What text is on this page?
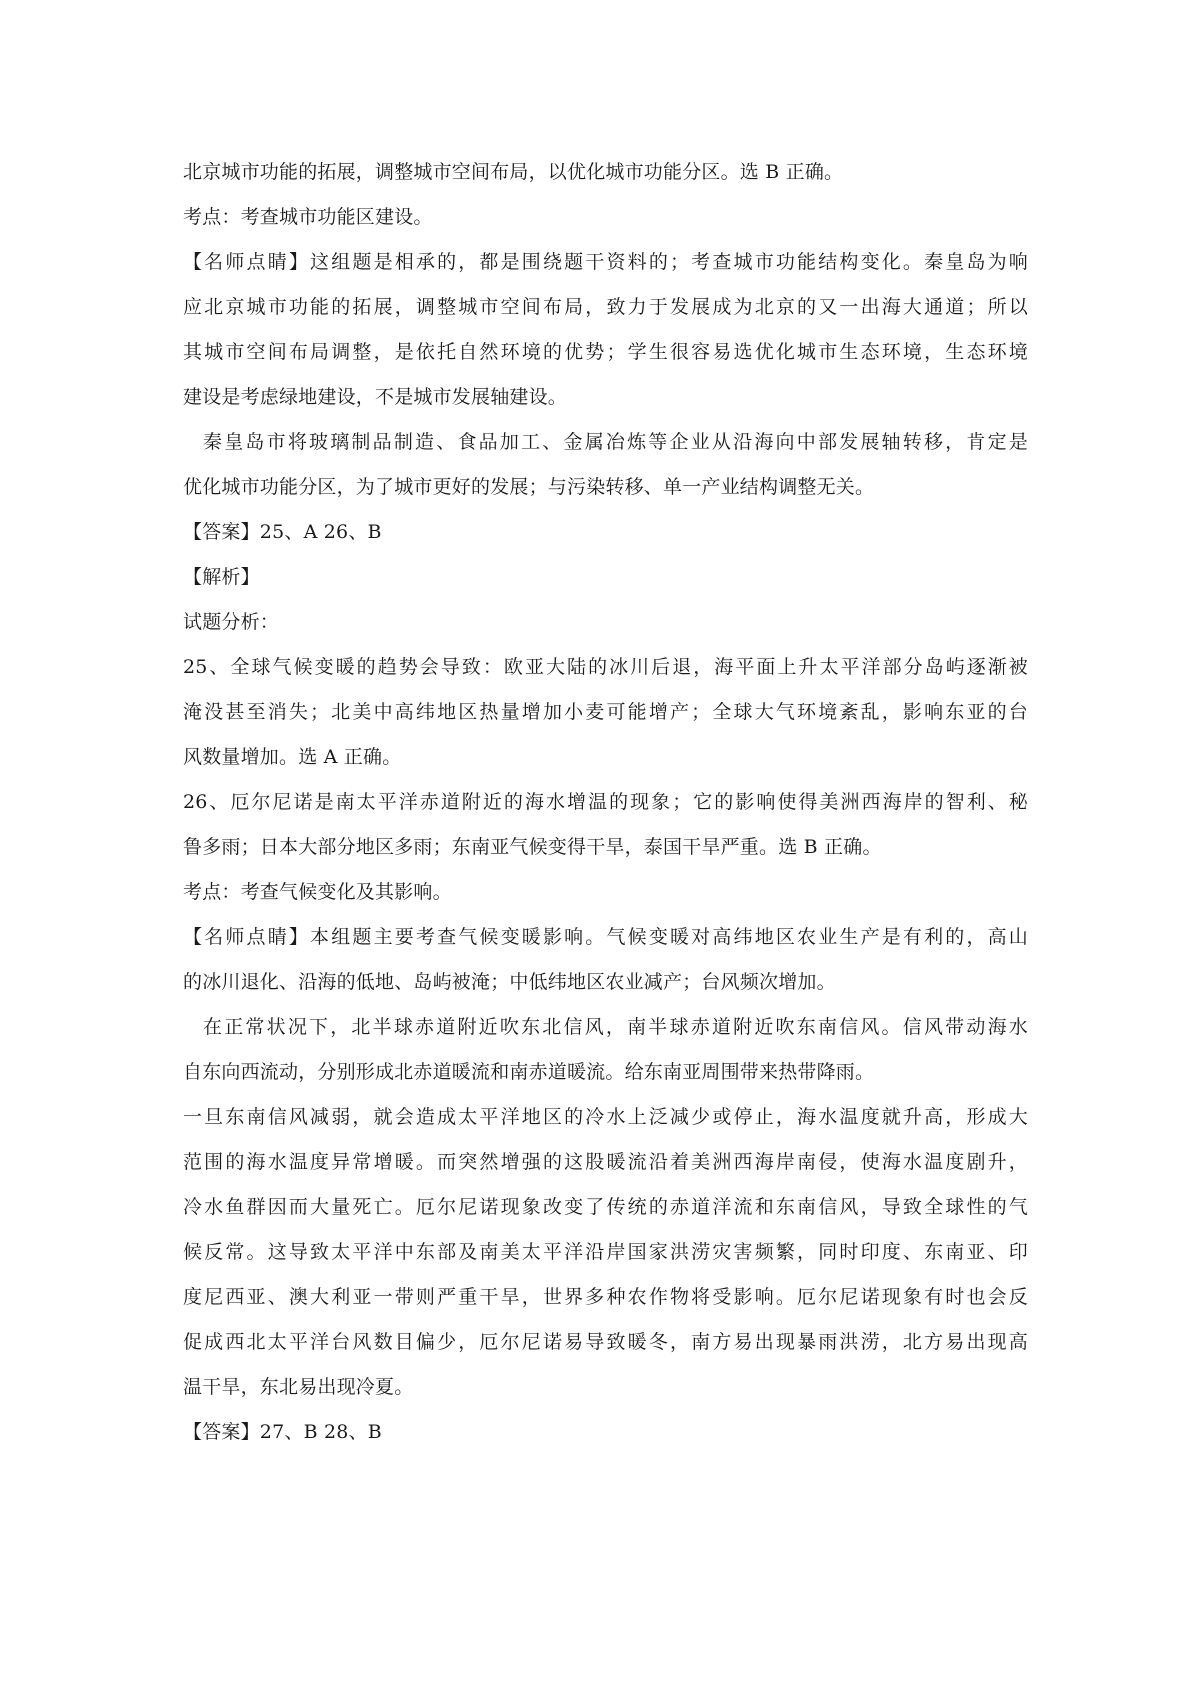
北京城市功能的拓展，调整城市空间布局，以优化城市功能分区。选 B 正确。
考点：考查城市功能区建设。
【名师点睛】这组题是相承的，都是围绕题干资料的；考查城市功能结构变化。秦皇岛为响
应北京城市功能的拓展，调整城市空间布局，致力于发展成为北京的又一出海大通道；所以
其城市空间布局调整，是依托自然环境的优势；学生很容易选优化城市生态环境，生态环境
建设是考虑绿地建设，不是城市发展轴建设。
秦皇岛市将玻璃制品制造、食品加工、金属冶炼等企业从沿海向中部发展轴转移，肯定是
优化城市功能分区，为了城市更好的发展；与污染转移、单一产业结构调整无关。
【答案】25、A 26、B
【解析】
试题分析：
25、全球气候变暖的趋势会导致：欧亚大陆的冰川后退，海平面上升太平洋部分岛屿逐渐被
淹没甚至消失；北美中高纬地区热量增加小麦可能增产；全球大气环境紊乱，影响东亚的台
风数量增加。选 A 正确。
26、厄尔尼诺是南太平洋赤道附近的海水增温的现象；它的影响使得美洲西海岸的智利、秘
鲁多雨；日本大部分地区多雨；东南亚气候变得干旱，泰国干旱严重。选 B 正确。
考点：考查气候变化及其影响。
【名师点睛】本组题主要考查气候变暖影响。气候变暖对高纬地区农业生产是有利的，高山
的冰川退化、沿海的低地、岛屿被淹；中低纬地区农业减产；台风频次增加。
在正常状况下，北半球赤道附近吹东北信风，南半球赤道附近吹东南信风。信风带动海水
自东向西流动，分别形成北赤道暖流和南赤道暖流。给东南亚周围带来热带降雨。
一旦东南信风减弱，就会造成太平洋地区的冷水上泛减少或停止，海水温度就升高，形成大
范围的海水温度异常增暖。而突然增强的这股暖流沿着美洲西海岸南侵，使海水温度剧升，
冷水鱼群因而大量死亡。厄尔尼诺现象改变了传统的赤道洋流和东南信风，导致全球性的气
候反常。这导致太平洋中东部及南美太平洋沿岸国家洪涝灾害频繁，同时印度、东南亚、印
度尼西亚、澳大利亚一带则严重干旱，世界多种农作物将受影响。厄尔尼诺现象有时也会反
促成西北太平洋台风数目偏少，厄尔尼诺易导致暖冬，南方易出现暴雨洪涝，北方易出现高
温干旱，东北易出现冷夏。
【答案】27、B 28、B
